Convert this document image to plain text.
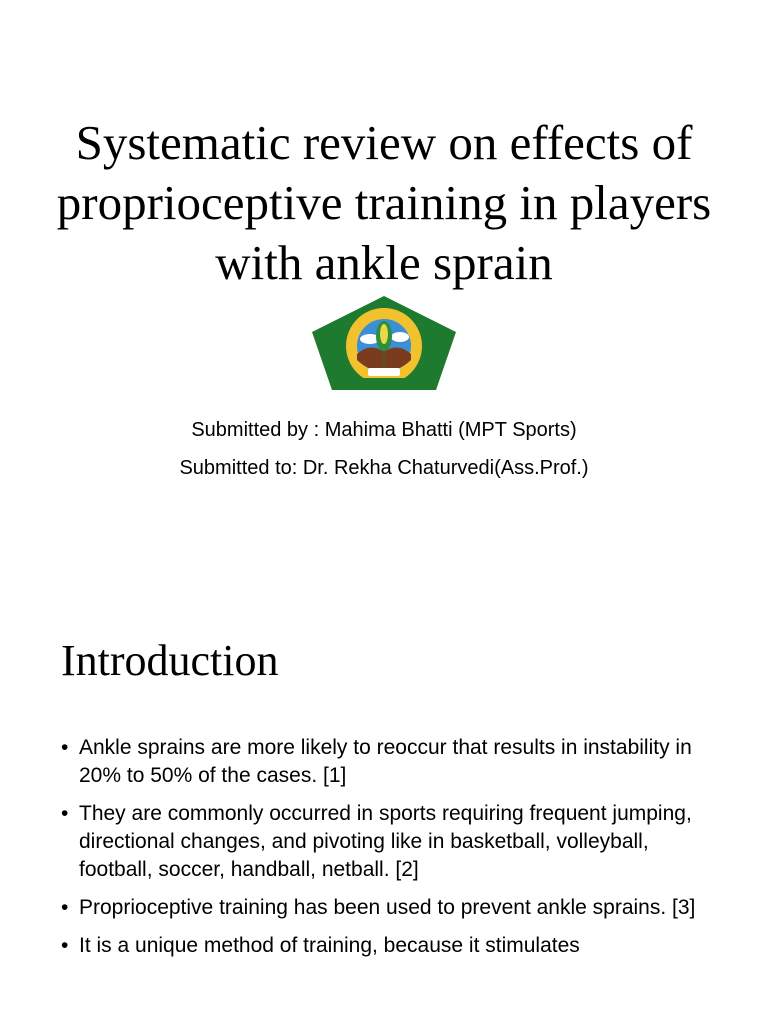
Systematic review on effects of proprioceptive training in players with ankle sprain

Submitted by : Mahima Bhatti (MPT Sports)

Submitted to: Dr. Rekha Chaturvedi(Ass.Prof.)

Introduction
• Ankle sprains are more likely to reoccur that results in instability in 20% to 50% of the cases. [1]
• They are commonly occurred in sports requiring frequent jumping, directional changes, and pivoting like in basketball, volleyball, football, soccer, handball, netball. [2]
• Proprioceptive training has been used to prevent ankle sprains. [3]
• It is a unique method of training, because it stimulates
